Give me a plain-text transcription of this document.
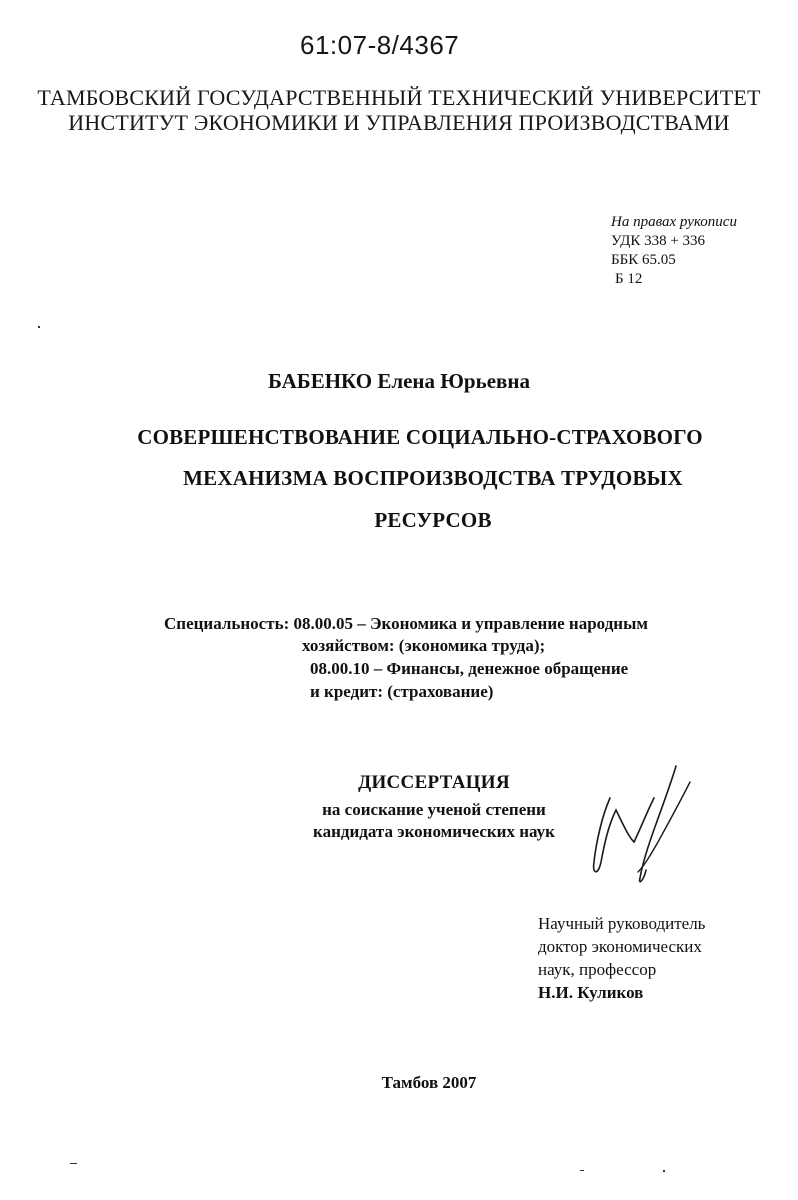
61:07-8/4367
ТАМБОВСКИЙ ГОСУДАРСТВЕННЫЙ ТЕХНИЧЕСКИЙ УНИВЕРСИТЕТ
ИНСТИТУТ ЭКОНОМИКИ И УПРАВЛЕНИЯ ПРОИЗВОДСТВАМИ
На правах рукописи
УДК 338 + 336
ББК 65.05
Б 12
БАБЕНКО Елена Юрьевна
СОВЕРШЕНСТВОВАНИЕ СОЦИАЛЬНО-СТРАХОВОГО
МЕХАНИЗМА ВОСПРОИЗВОДСТВА ТРУДОВЫХ
РЕСУРСОВ
Специальность: 08.00.05 – Экономика и управление народным
хозяйством: (экономика труда);
08.00.10 – Финансы, денежное обращение
и кредит: (страхование)
ДИССЕРТАЦИЯ
на соискание ученой степени
кандидата экономических наук
Научный руководитель
доктор экономических
наук, профессор
Н.И. Куликов
Тамбов 2007
